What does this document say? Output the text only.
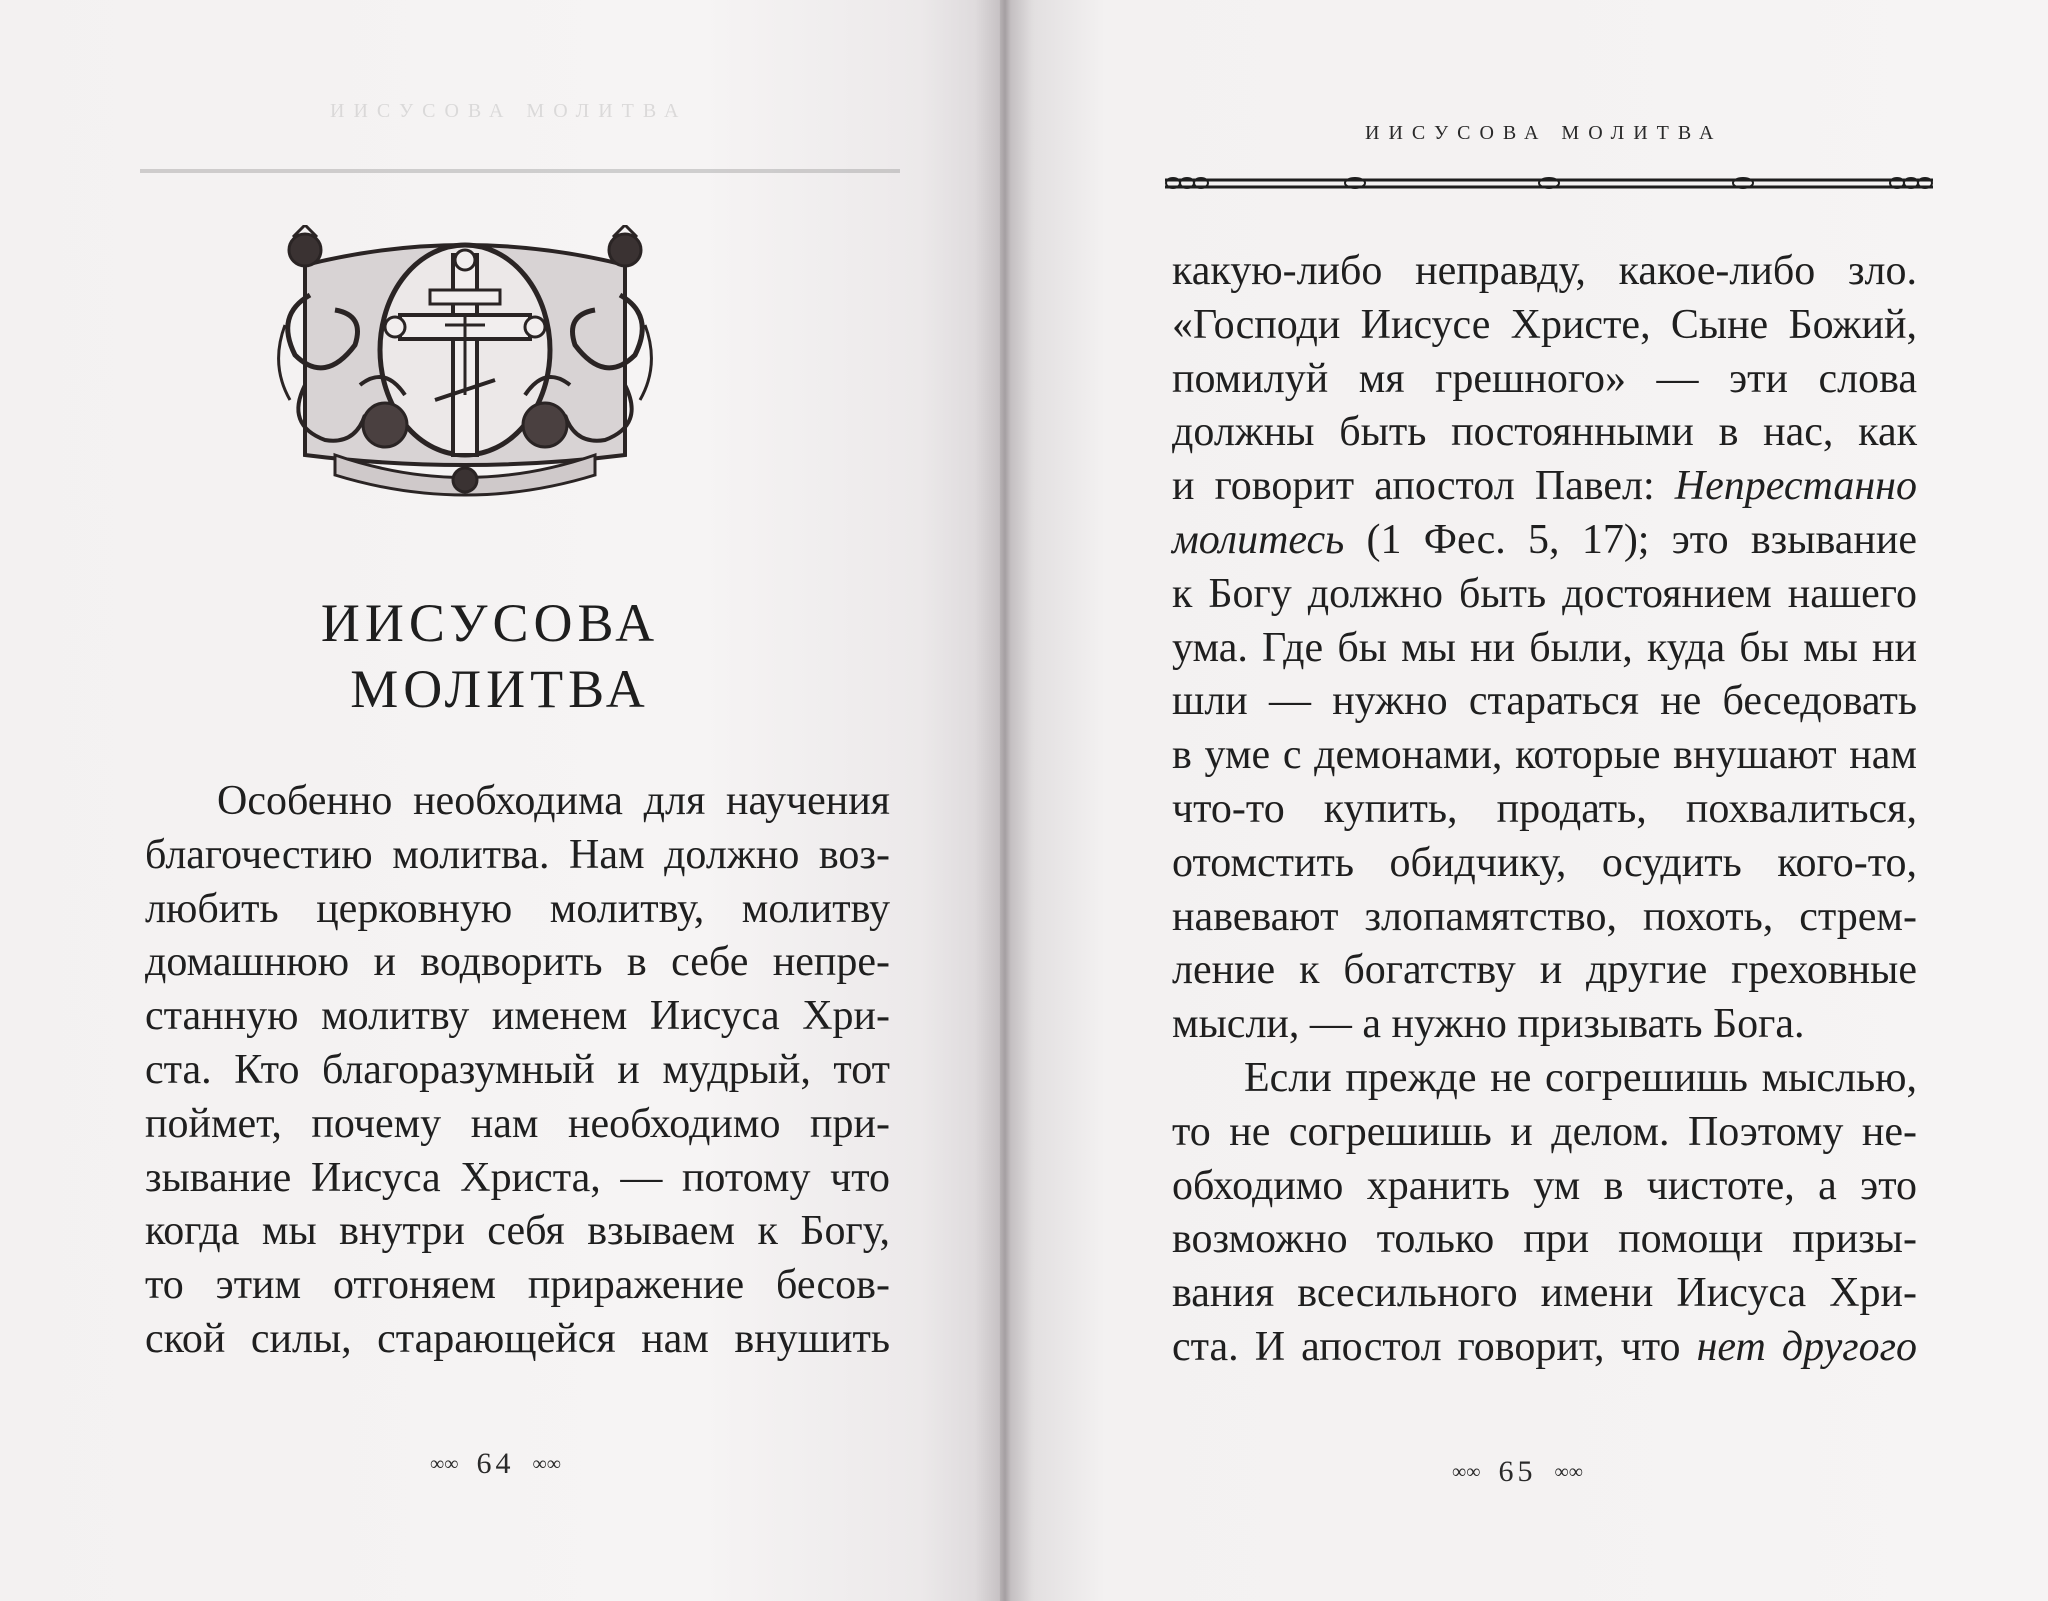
ИИСУСОВА МОЛИТВА
ИИСУСОВА
МОЛИТВА
Особенно необходима для научения
благочестию молитва. Нам должно воз-
любить церковную молитву, молитву
домашнюю и водворить в себе непре-
станную молитву именем Иисуса Хри-
ста. Кто благоразумный и мудрый, тот
поймет, почему нам необходимо при-
зывание Иисуса Христа, — потому что
когда мы внутри себя взываем к Богу,
то этим отгоняем приражение бесов-
ской силы, старающейся нам внушить
∞∞ 64 ∞∞
ИИСУСОВА МОЛИТВА
какую-либо неправду, какое-либо зло.
«Господи Иисусе Христе, Сыне Божий,
помилуй мя грешного» — эти слова
должны быть постоянными в нас, как
и говорит апостол Павел: Непрестанно
молитесь (1 Фес. 5, 17); это взывание
к Богу должно быть достоянием нашего
ума. Где бы мы ни были, куда бы мы ни
шли — нужно стараться не беседовать
в уме с демонами, которые внушают нам
что-то купить, продать, похвалиться,
отомстить обидчику, осудить кого-то,
навевают злопамятство, похоть, стрем-
ление к богатству и другие греховные
мысли, — а нужно призывать Бога.
Если прежде не согрешишь мыслью,
то не согрешишь и делом. Поэтому не-
обходимо хранить ум в чистоте, а это
возможно только при помощи призы-
вания всесильного имени Иисуса Хри-
ста. И апостол говорит, что нет другого
∞∞ 65 ∞∞
